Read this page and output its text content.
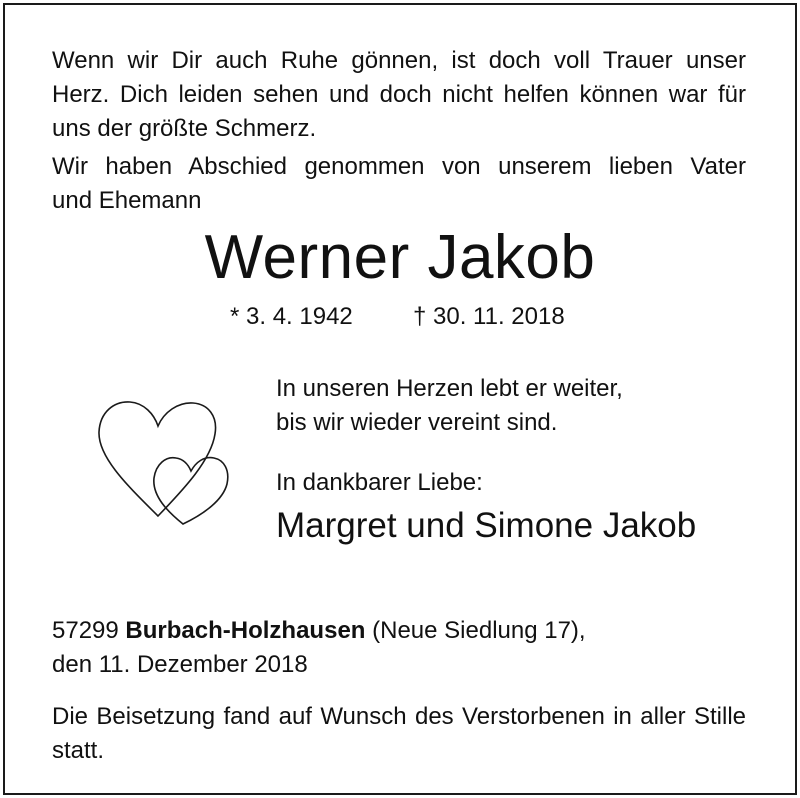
Wenn wir Dir auch Ruhe gönnen, ist doch voll Trauer unser
Herz. Dich leiden sehen und doch nicht helfen können war für
uns der größte Schmerz.
Wir haben Abschied genommen von unserem lieben Vater
und Ehemann
Werner Jakob
* 3. 4. 1942	† 30. 11. 2018
In unseren Herzen lebt er weiter,
bis wir wieder vereint sind.
In dankbarer Liebe:
Margret und Simone Jakob
57299 Burbach-Holzhausen (Neue Siedlung 17),
den 11. Dezember 2018
Die Beisetzung fand auf Wunsch des Verstorbenen in aller Stille
statt.
